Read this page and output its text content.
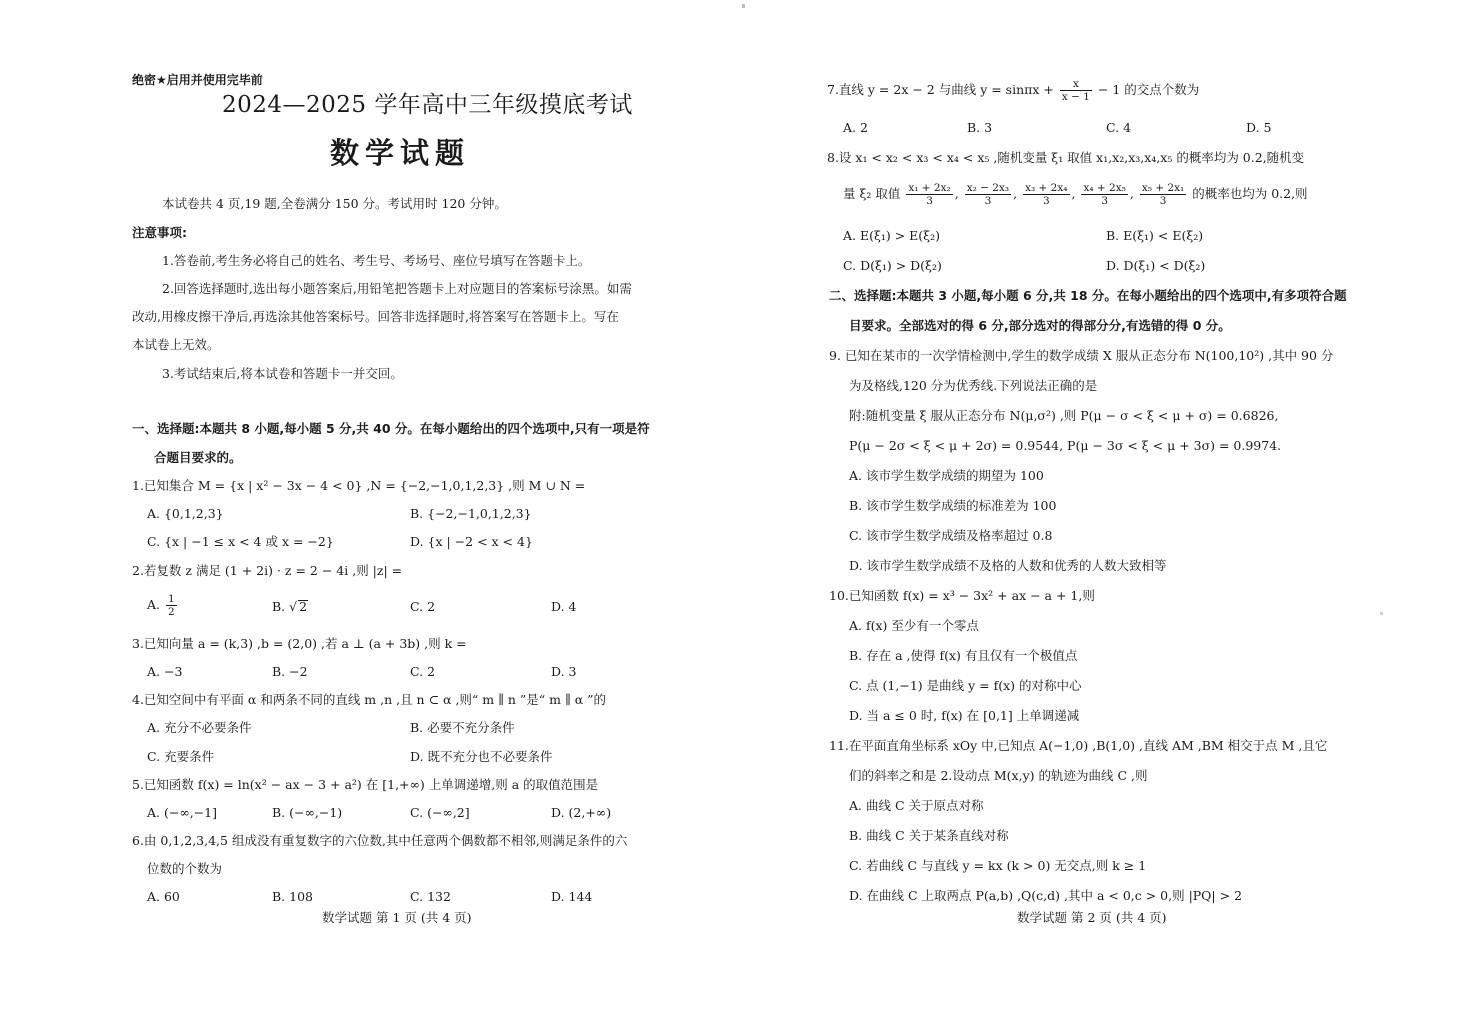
绝密★启用并使用完毕前
2024—2025 学年高中三年级摸底考试
数学试题
本试卷共 4 页,19 题,全卷满分 150 分。考试用时 120 分钟。
注意事项:
1.答卷前,考生务必将自己的姓名、考生号、考场号、座位号填写在答题卡上。
2.回答选择题时,选出每小题答案后,用铅笔把答题卡上对应题目的答案标号涂黑。如需
改动,用橡皮擦干净后,再选涂其他答案标号。回答非选择题时,将答案写在答题卡上。写在
本试卷上无效。
3.考试结束后,将本试卷和答题卡一并交回。
一、选择题:本题共 8 小题,每小题 5 分,共 40 分。在每小题给出的四个选项中,只有一项是符
合题目要求的。
1.已知集合 M = {x | x² − 3x − 4 < 0} ,N = {−2,−1,0,1,2,3} ,则 M ∪ N =
A. {0,1,2,3}	B. {−2,−1,0,1,2,3}
C. {x | −1 ≤ x < 4 或 x = −2}	D. {x | −2 < x < 4}
2.若复数 z 满足 (1 + 2i) · z = 2 − 4i ,则 |z| =
A. $\frac{1}{2}$	B. √ 2	C. 2	D. 4
3.已知向量 a = (k,3) ,b = (2,0) ,若 a ⊥ (a + 3b) ,则 k =
A. −3	B. −2	C. 2	D. 3
4.已知空间中有平面 α 和两条不同的直线 m ,n ,且 n ⊂ α ,则“ m ∥ n ”是“ m ∥ α ”的
A. 充分不必要条件	B. 必要不充分条件
C. 充要条件	D. 既不充分也不必要条件
5.已知函数 f(x) = ln(x² − ax − 3 + a²) 在 [1,+∞) 上单调递增,则 a 的取值范围是
A. (−∞,−1]	B. (−∞,−1)	C. (−∞,2]	D. (2,+∞)
6.由 0,1,2,3,4,5 组成没有重复数字的六位数,其中任意两个偶数都不相邻,则满足条件的六
位数的个数为
A. 60	B. 108	C. 132	D. 144
数学试题 第 1 页 (共 4 页)
7.直线 y = 2x − 2 与曲线 $y = \sin\pi x + \frac{x}{x - 1} - 1$ 的交点个数为
A. 2	B. 3	C. 4	D. 5
8.设 x₁ < x₂ < x₃ < x₄ < x₅ ,随机变量 ξ₁ 取值 x₁,x₂,x₃,x₄,x₅ 的概率均为 0.2,随机变
量 ξ₂ 取值 $\frac{\text{x₁ + 2x₂}}{3}$ , $\frac{\text{x₂ − 2x₃}}{3}$ , $\frac{\text{x₃ + 2x₄}}{3}$ , $\frac{\text{x₄ + 2x₅}}{3}$ , $\frac{\text{x₅ + 2x₁}}{3}$ 的概率也均为 0.2,则
A. E(ξ₁) > E(ξ₂)	B. E(ξ₁) < E(ξ₂)
C. D(ξ₁) > D(ξ₂)	D. D(ξ₁) < D(ξ₂)
二、选择题:本题共 3 小题,每小题 6 分,共 18 分。在每小题给出的四个选项中,有多项符合题
目要求。全部选对的得 6 分,部分选对的得部分分,有选错的得 0 分。
9. 已知在某市的一次学情检测中,学生的数学成绩 X 服从正态分布 N(100,10²) ,其中 90 分
为及格线,120 分为优秀线.下列说法正确的是
附:随机变量 ξ 服从正态分布 N(μ,σ²) ,则 P(μ − σ < ξ < μ + σ) = 0.6826,
P(μ − 2σ < ξ < μ + 2σ) = 0.9544, P(μ − 3σ < ξ < μ + 3σ) = 0.9974.
A. 该市学生数学成绩的期望为 100
B. 该市学生数学成绩的标准差为 100
C. 该市学生数学成绩及格率超过 0.8
D. 该市学生数学成绩不及格的人数和优秀的人数大致相等
10.已知函数 f(x) = x³ − 3x² + ax − a + 1,则
A. f(x) 至少有一个零点
B. 存在 a ,使得 f(x) 有且仅有一个极值点
C. 点 (1,−1) 是曲线 y = f(x) 的对称中心
D. 当 a ≤ 0 时, f(x) 在 [0,1] 上单调递减
11.在平面直角坐标系 xOy 中,已知点 A(−1,0) ,B(1,0) ,直线 AM ,BM 相交于点 M ,且它
们的斜率之和是 2.设动点 M(x,y) 的轨迹为曲线 C ,则
A. 曲线 C 关于原点对称
B. 曲线 C 关于某条直线对称
C. 若曲线 C 与直线 y = kx (k > 0) 无交点,则 k ≥ 1
D. 在曲线 C 上取两点 P(a,b) ,Q(c,d) ,其中 a < 0,c > 0,则 |PQ| > 2
数学试题 第 2 页 (共 4 页)
